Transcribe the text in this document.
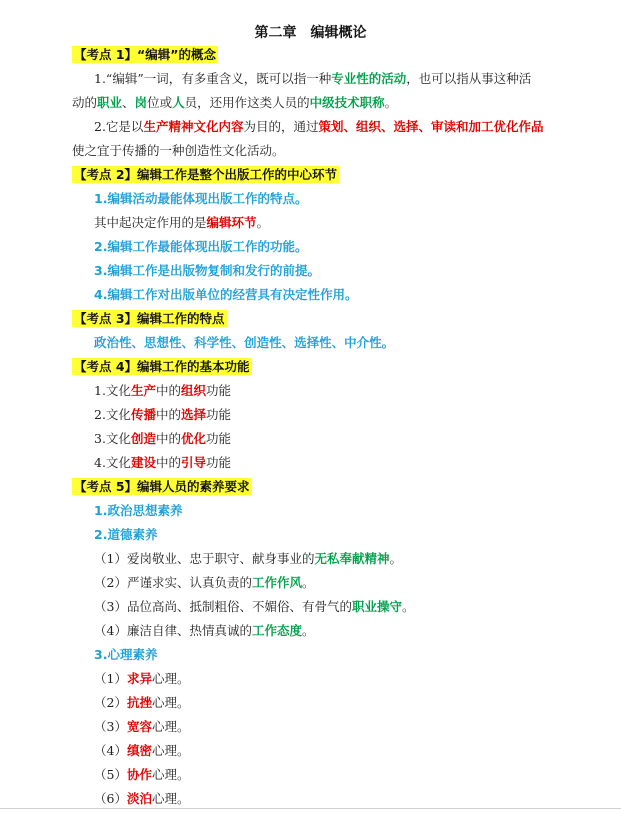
第二章　编辑概论
【考点 1】“编辑”的概念
1.“编辑”一词，有多重含义，既可以指一种专业性的活动，也可以指从事这种活
动的职业、岗位或人员，还用作这类人员的中级技术职称。
2.它是以生产精神文化内容为目的，通过策划、组织、选择、审读和加工优化作品
使之宜于传播的一种创造性文化活动。
【考点 2】编辑工作是整个出版工作的中心环节
1.编辑活动最能体现出版工作的特点。
其中起决定作用的是编辑环节。
2.编辑工作最能体现出版工作的功能。
3.编辑工作是出版物复制和发行的前提。
4.编辑工作对出版单位的经营具有决定性作用。
【考点 3】编辑工作的特点
政治性、思想性、科学性、创造性、选择性、中介性。
【考点 4】编辑工作的基本功能
1.文化生产中的组织功能
2.文化传播中的选择功能
3.文化创造中的优化功能
4.文化建设中的引导功能
【考点 5】编辑人员的素养要求
1.政治思想素养
2.道德素养
（1）爱岗敬业、忠于职守、献身事业的无私奉献精神。
（2）严谨求实、认真负责的工作作风。
（3）品位高尚、抵制粗俗、不媚俗、有骨气的职业操守。
（4）廉洁自律、热情真诚的工作态度。
3.心理素养
（1）求异心理。
（2）抗挫心理。
（3）宽容心理。
（4）缜密心理。
（5）协作心理。
（6）淡泊心理。
